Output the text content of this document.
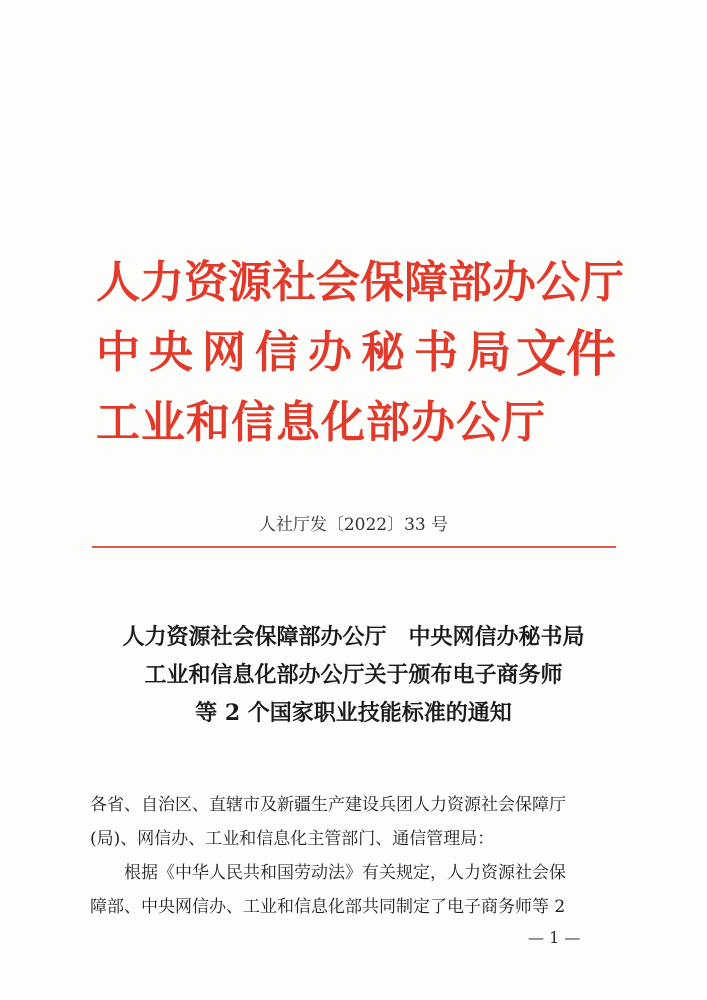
人力资源社会保障部办公厅
中央网信办秘书局
工业和信息化部办公厅
文件
人社厅发〔2022〕33 号
人力资源社会保障部办公厅　中央网信办秘书局
工业和信息化部办公厅关于颁布电子商务师
等 2 个国家职业技能标准的通知
各省、自治区、直辖市及新疆生产建设兵团人力资源社会保障厅
(局)、网信办、工业和信息化主管部门、通信管理局：
根据《中华人民共和国劳动法》有关规定，人力资源社会保
障部、中央网信办、工业和信息化部共同制定了电子商务师等 2
— 1 —
